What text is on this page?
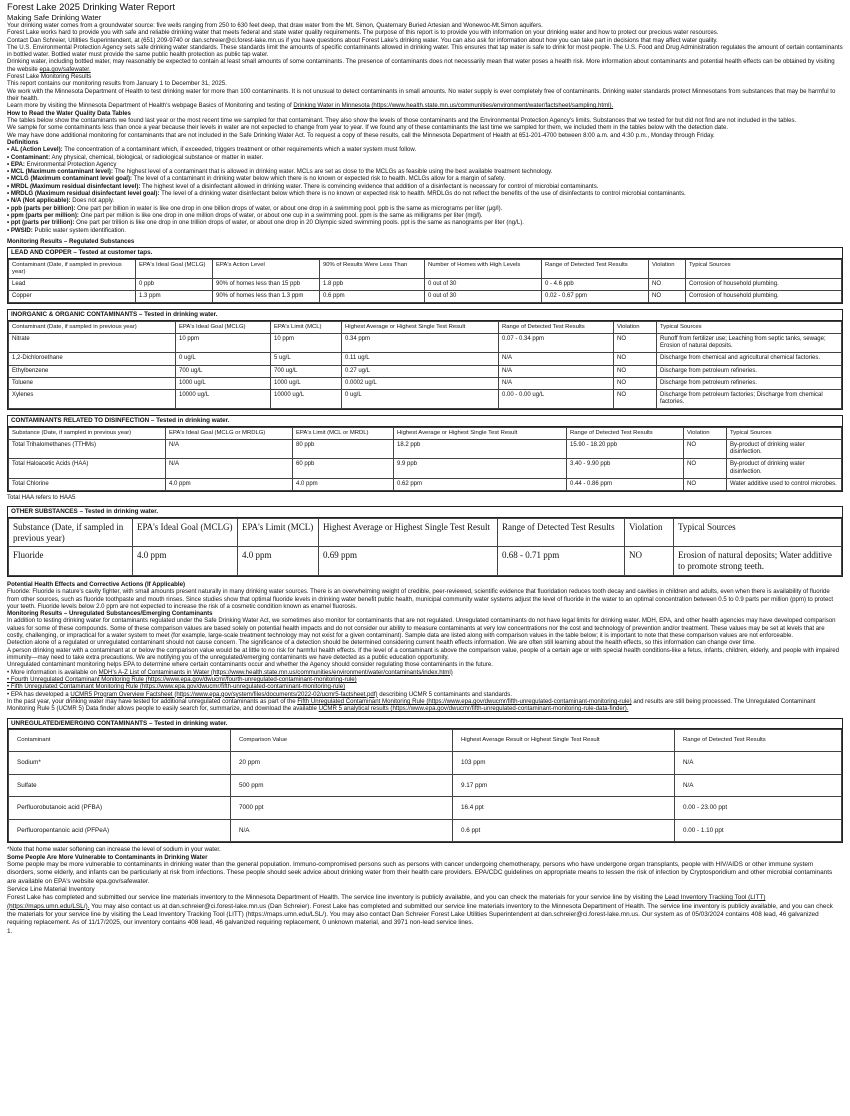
Forest Lake 2025 Drinking Water Report
Making Safe Drinking Water

Your drinking water comes from a groundwater source: five wells ranging from 250 to 630 feet deep, that draw water from the Mt. Simon, Quaternary Buried Artesian and Wonewoc-Mt.Simon aquifers.

Forest Lake works hard to provide you with safe and reliable drinking water that meets federal and state water quality requirements. The purpose of this report is to provide you with information on your drinking water and how to protect our precious water resources.

Contact Dan Schreier, Utilities Superintendent, at (651) 209-9740 or dan.schreier@ci.forest-lake.mn.us if you have questions about Forest Lake's drinking water. You can also ask for information about how you can take part in decisions that may affect water quality.

The U.S. Environmental Protection Agency sets safe drinking water standards. These standards limit the amounts of specific contaminants allowed in drinking water. This ensures that tap water is safe to drink for most people. The U.S. Food and Drug Administration regulates the amount of certain contaminants in bottled water. Bottled water must provide the same public health protection as public tap water.

Drinking water, including bottled water, may reasonably be expected to contain at least small amounts of some contaminants. The presence of contaminants does not necessarily mean that water poses a health risk. More information about contaminants and potential health effects can be obtained by visiting the website epa.gov/safewater.

Forest Lake Monitoring Results

This report contains our monitoring results from January 1 to December 31, 2025.

We work with the Minnesota Department of Health to test drinking water for more than 100 contaminants. It is not unusual to detect contaminants in small amounts. No water supply is ever completely free of contaminants. Drinking water standards protect Minnesotans from substances that may be harmful to their health.

Learn more by visiting the Minnesota Department of Health's webpage Basics of Monitoring and testing of Drinking Water in Minnesota (https://www.health.state.mn.us/communities/environment/water/factsheet/sampling.html).

How to Read the Water Quality Data Tables

The tables below show the contaminants we found last year or the most recent time we sampled for that contaminant. They also show the levels of those contaminants and the Environmental Protection Agency's limits. Substances that we tested for but did not find are not included in the tables.

We sample for some contaminants less than once a year because their levels in water are not expected to change from year to year. If we found any of these contaminants the last time we sampled for them, we included them in the tables below with the detection date.

We may have done additional monitoring for contaminants that are not included in the Safe Drinking Water Act. To request a copy of these results, call the Minnesota Department of Health at 651-201-4700 between 8:00 a.m. and 4:30 p.m., Monday through Friday.

Definitions

• AL (Action Level): The concentration of a contaminant which, if exceeded, triggers treatment or other requirements which a water system must follow.
• Contaminant: Any physical, chemical, biological, or radiological substance or matter in water.
• EPA: Environmental Protection Agency
• MCL (Maximum contaminant level): The highest level of a contaminant that is allowed in drinking water. MCLs are set as close to the MCLGs as feasible using the best available treatment technology.
• MCLG (Maximum contaminant level goal): The level of a contaminant in drinking water below which there is no known or expected risk to health. MCLGs allow for a margin of safety.
• MRDL (Maximum residual disinfectant level): The highest level of a disinfectant allowed in drinking water. There is convincing evidence that addition of a disinfectant is necessary for control of microbial contaminants.
• MRDLG (Maximum residual disinfectant level goal): The level of a drinking water disinfectant below which there is no known or expected risk to health. MRDLGs do not reflect the benefits of the use of disinfectants to control microbial contaminants.
• N/A (Not applicable): Does not apply.
• ppb (parts per billion): One part per billion in water is like one drop in one billion drops of water, or about one drop in a swimming pool. ppb is the same as micrograms per liter (μg/l).
• ppm (parts per million): One part per million is like one drop in one million drops of water, or about one cup in a swimming pool. ppm is the same as milligrams per liter (mg/l).
• ppt (parts per trillion): One part per trillion is like one drop in one trillion drops of water, or about one drop in 20 Olympic sized swimming pools. ppt is the same as nanograms per liter (ng/L).
• PWSID: Public water system identification.

Monitoring Results – Regulated Substances

LEAD AND COPPER – Tested at customer taps.
Contaminant (Date, if sampled in previous year)	EPA's Ideal Goal (MCLG)	EPA's Action Level	90% of Results Were Less Than	Number of Homes with High Levels	Range of Detected Test Results	Violation	Typical Sources
Lead	0 ppb	90% of homes less than 15 ppb	1.8 ppb	0 out of 30	0 - 4.6 ppb	NO	Corrosion of household plumbing.
Copper	1.3 ppm	90% of homes less than 1.3 ppm	0.6 ppm	0 out of 30	0.02 - 0.67 ppm	NO	Corrosion of household plumbing.
INORGANIC & ORGANIC CONTAMINANTS – Tested in drinking water.
Contaminant (Date, if sampled in previous year)	EPA's Ideal Goal (MCLG)	EPA's Limit (MCL)	Highest Average or Highest Single Test Result	Range of Detected Test Results	Violation	Typical Sources
Nitrate	10 ppm	10 ppm	0.34 ppm	0.07 - 0.34 ppm	NO	Runoff from fertilizer use; Leaching from septic tanks, sewage; Erosion of natural deposits.
1,2-Dichloroethane	0 ug/L	5 ug/L	0.11 ug/L	N/A	NO	Discharge from chemical and agricultural chemical factories.
Ethylbenzene	700 ug/L	700 ug/L	0.27 ug/L	N/A	NO	Discharge from petroleum refineries.
Toluene	1000 ug/L	1000 ug/L	0.0002 ug/L	N/A	NO	Discharge from petroleum refineries.
Xylenes	10000 ug/L	10000 ug/L	0 ug/L	0.00 - 0.00 ug/L	NO	Discharge from petroleum factories; Discharge from chemical factories.
CONTAMINANTS RELATED TO DISINFECTION – Tested in drinking water.
Substance (Date, if sampled in previous year)	EPA's Ideal Goal (MCLG or MRDLG)	EPA's Limit (MCL or MRDL)	Highest Average or Highest Single Test Result	Range of Detected Test Results	Violation	Typical Sources
Total Trihalomethanes (TTHMs)	N/A	80 ppb	18.2 ppb	15.90 - 18.20 ppb	NO	By-product of drinking water disinfection.
Total Haloacetic Acids (HAA)	N/A	60 ppb	9.9 ppb	3.40 - 9.90 ppb	NO	By-product of drinking water disinfection.
Total Chlorine	4.0 ppm	4.0 ppm	0.62 ppm	0.44 - 0.86 ppm	NO	Water additive used to control microbes.

Total HAA refers to HAA5

OTHER SUBSTANCES – Tested in drinking water.
Substance (Date, if sampled in previous year)	EPA's Ideal Goal (MCLG)	EPA's Limit (MCL)	Highest Average or Highest Single Test Result	Range of Detected Test Results	Violation	Typical Sources
Fluoride	4.0 ppm	4.0 ppm	0.69 ppm	0.68 - 0.71 ppm	NO	Erosion of natural deposits; Water additive to promote strong teeth.

Potential Health Effects and Corrective Actions (If Applicable)

Fluoride: Fluoride is nature's cavity fighter, with small amounts present naturally in many drinking water sources. There is an overwhelming weight of credible, peer-reviewed, scientific evidence that fluoridation reduces tooth decay and cavities in children and adults, even when there is availability of fluoride from other sources, such as fluoride toothpaste and mouth rinses. Since studies show that optimal fluoride levels in drinking water benefit public health, municipal community water systems adjust the level of fluoride in the water to an optimal concentration between 0.5 to 0.9 parts per million (ppm) to protect your teeth. Fluoride levels below 2.0 ppm are not expected to increase the risk of a cosmetic condition known as enamel fluorosis.

Monitoring Results – Unregulated Substances/Emerging Contaminants

In addition to testing drinking water for contaminants regulated under the Safe Drinking Water Act, we sometimes also monitor for contaminants that are not regulated. Unregulated contaminants do not have legal limits for drinking water. MDH, EPA, and other health agencies may have developed comparison values for some of these compounds. Some of these comparison values are based solely on potential health impacts and do not consider our ability to measure contaminants at very low concentrations nor the cost and technology of prevention and/or treatment. These values may be set at levels that are costly, challenging, or impractical for a water system to meet (for example, large-scale treatment technology may not exist for a given contaminant). Sample data are listed along with comparison values in the table below; it is important to note that these comparison values are not enforceable.

Detection alone of a regulated or unregulated contaminant should not cause concern. The significance of a detection should be determined considering current health effects information. We are often still learning about the health effects, so this information can change over time.

A person drinking water with a contaminant at or below the comparison value would be at little to no risk for harmful health effects. If the level of a contaminant is above the comparison value, people of a certain age or with special health conditions-like a fetus, infants, children, elderly, and people with impaired immunity—may need to take extra precautions. We are notifying you of the unregulated/emerging contaminants we have detected as a public education opportunity.

Unregulated contaminant monitoring helps EPA to determine where certain contaminants occur and whether the Agency should consider regulating those contaminants in the future.

• More information is available on MDH's A-Z List of Contaminants in Water (https://www.health.state.mn.us/communities/environment/water/contaminants/index.html)

• Fourth Unregulated Contaminant Monitoring Rule (https://www.epa.gov/dwucmr/fourth-unregulated-contaminant-monitoring-rule)

• Fifth Unregulated Contaminant Monitoring Rule (https://www.epa.gov/dwucmr/fifth-unregulated-contaminant-monitoring-rule)

• EPA has developed a UCMR5 Program Overview Factsheet (https://www.epa.gov/system/files/documents/2022-02/ucmr5-factsheet.pdf) describing UCMR 5 contaminants and standards.

In the past year, your drinking water may have tested for additional unregulated contaminants as part of the Fifth Unregulated Contaminant Monitoring Rule (https://www.epa.gov/dwucmr/fifth-unregulated-contaminant-monitoring-rule) and results are still being processed. The Unregulated Contaminant Monitoring Rule 5 (UCMR 5) Data finder allows people to easily search for, summarize, and download the available UCMR 5 analytical results (https://www.epa.gov/dwucmr/fifth-unregulated-contaminant-monitoring-rule-data-finder).

UNREGULATED/EMERGING CONTAMINANTS – Tested in drinking water.
Contaminant	Comparison Value	Highest Average Result or Highest Single Test Result	Range of Detected Test Results
Sodium*	20 ppm	103 ppm	N/A
Sulfate	500 ppm	9.17 ppm	N/A
Perfluorobutanoic acid (PFBA)	7000 ppt	16.4 ppt	0.00 - 23.00 ppt
Perfluoropentanoic acid (PFPeA)	N/A	0.6 ppt	0.00 - 1.10 ppt

*Note that home water softening can increase the level of sodium in your water.

Some People Are More Vulnerable to Contaminants in Drinking Water

Some people may be more vulnerable to contaminants in drinking water than the general population. Immuno-compromised persons such as persons with cancer undergoing chemotherapy, persons who have undergone organ transplants, people with HIV/AIDS or other immune system disorders, some elderly, and infants can be particularly at risk from infections. These people should seek advice about drinking water from their health care providers. EPA/CDC guidelines on appropriate means to lessen the risk of infection by Cryptosporidium and other microbial contaminants are available on EPA's website epa.gov/safewater.

Service Line Material Inventory

Forest Lake has completed and submitted our service line materials inventory to the Minnesota Department of Health. The service line inventory is publicly available, and you can check the materials for your service line by visiting the Lead Inventory Tracking Tool (LITT) (https://maps.umn.edu/LSL/). You may also contact us at dan.schreier@ci.forest-lake.mn.us (Dan Schreier). Forest Lake has completed and submitted our service line materials inventory to the Minnesota Department of Health. The service line inventory is publicly available, and you can check the materials for your service line by visiting the Lead Inventory Tracking Tool (LITT) (https://maps.umn.edu/LSL/). You may also contact Dan Schreier Forest Lake Utilities Superintendent at dan.schreier@ci.forest-lake.mn.us. Our system as of 05/03/2024 contains 408 lead, 46 galvanized requiring replacement. As of 11/17/2025, our inventory contains 408 lead, 46 galvanized requiring replacement, 0 unknown material, and 3971 non-lead service lines.

1.
